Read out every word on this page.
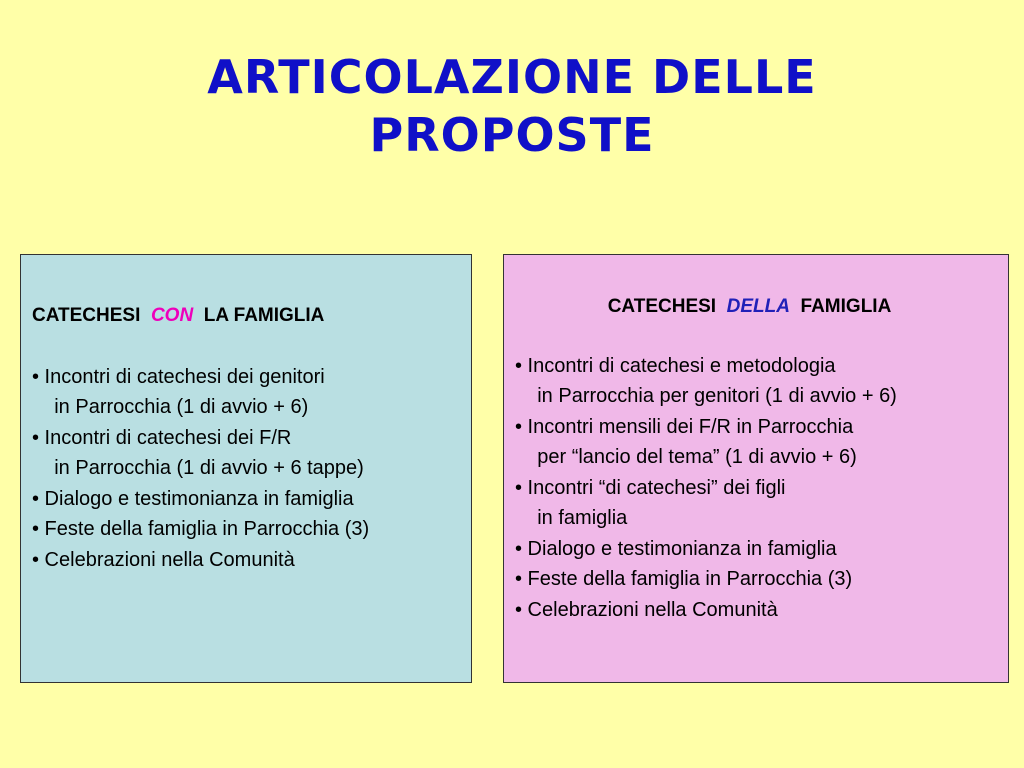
ARTICOLAZIONE DELLE
PROPOSTE
CATECHESI  CON  LA FAMIGLIA
• Incontri di catechesi dei genitori
in Parrocchia (1 di avvio + 6)
• Incontri di catechesi dei F/R
in Parrocchia (1 di avvio + 6 tappe)
• Dialogo e testimonianza in famiglia
• Feste della famiglia in Parrocchia (3)
• Celebrazioni nella Comunità
CATECHESI  DELLA  FAMIGLIA
• Incontri di catechesi e metodologia
in Parrocchia per genitori (1 di avvio + 6)
• Incontri mensili dei F/R in Parrocchia
per “lancio del tema” (1 di avvio + 6)
• Incontri “di catechesi” dei figli
in famiglia
• Dialogo e testimonianza in famiglia
• Feste della famiglia in Parrocchia (3)
• Celebrazioni nella Comunità
